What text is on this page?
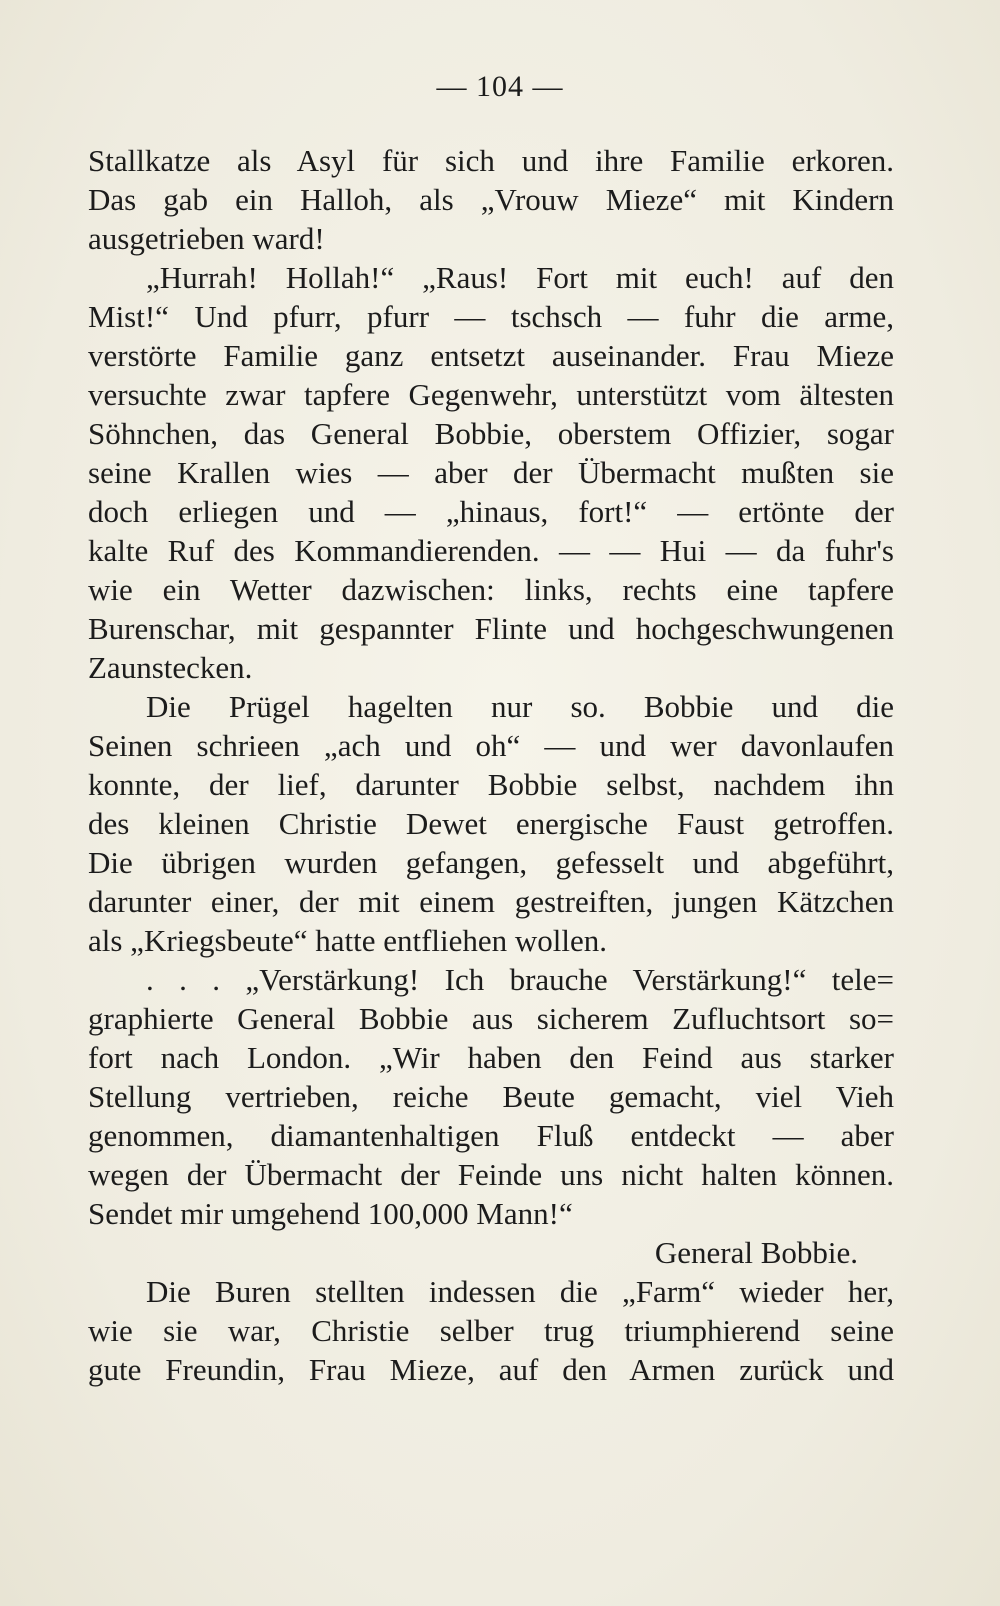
— 104 —
Stallkatze als Asyl für sich und ihre Familie erkoren.
Das gab ein Halloh, als „Vrouw Mieze“ mit Kindern
ausgetrieben ward!
„Hurrah! Hollah!“ „Raus! Fort mit euch! auf den
Mist!“ Und pfurr, pfurr — tschsch — fuhr die arme,
verstörte Familie ganz entsetzt auseinander. Frau Mieze
versuchte zwar tapfere Gegenwehr, unterstützt vom ältesten
Söhnchen, das General Bobbie, oberstem Offizier, sogar
seine Krallen wies — aber der Übermacht mußten sie
doch erliegen und — „hinaus, fort!“ — ertönte der
kalte Ruf des Kommandierenden. — — Hui — da fuhr's
wie ein Wetter dazwischen: links, rechts eine tapfere
Burenschar, mit gespannter Flinte und hochgeschwungenen
Zaunstecken.
Die Prügel hagelten nur so. Bobbie und die
Seinen schrieen „ach und oh“ — und wer davonlaufen
konnte, der lief, darunter Bobbie selbst, nachdem ihn
des kleinen Christie Dewet energische Faust getroffen.
Die übrigen wurden gefangen, gefesselt und abgeführt,
darunter einer, der mit einem gestreiften, jungen Kätzchen
als „Kriegsbeute“ hatte entfliehen wollen.
. . . „Verstärkung! Ich brauche Verstärkung!“ tele=
graphierte General Bobbie aus sicherem Zufluchtsort so=
fort nach London. „Wir haben den Feind aus starker
Stellung vertrieben, reiche Beute gemacht, viel Vieh
genommen, diamantenhaltigen Fluß entdeckt — aber
wegen der Übermacht der Feinde uns nicht halten können.
Sendet mir umgehend 100,000 Mann!“
General Bobbie.
Die Buren stellten indessen die „Farm“ wieder her,
wie sie war, Christie selber trug triumphierend seine
gute Freundin, Frau Mieze, auf den Armen zurück und
